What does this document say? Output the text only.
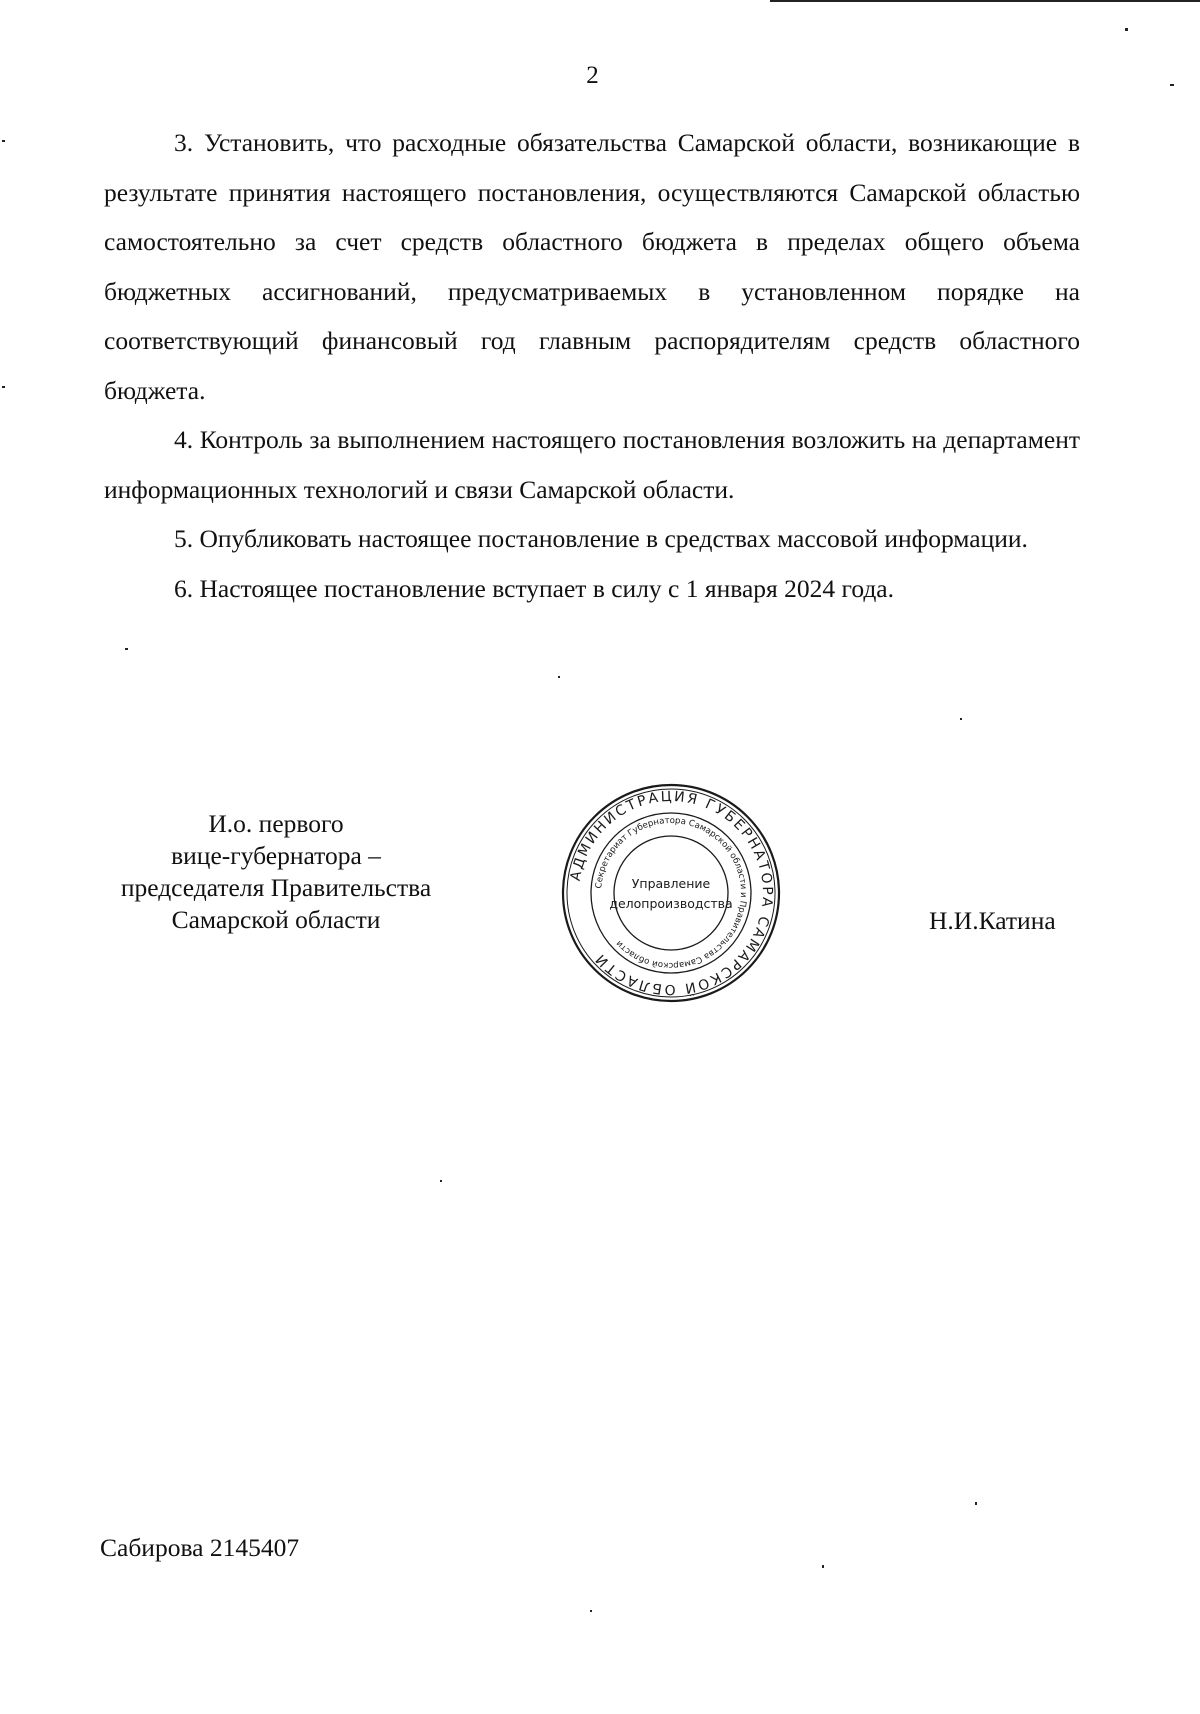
2

3. Установить, что расходные обязательства Самарской области, возникающие в результате принятия настоящего постановления, осуществляются Самарской областью самостоятельно за счет средств областного бюджета в пределах общего объема бюджетных ассигнований, предусматриваемых в установленном порядке на соответствующий финансовый год главным распорядителям средств областного бюджета.

4. Контроль за выполнением настоящего постановления возложить на департамент информационных технологий и связи Самарской области.

5. Опубликовать настоящее постановление в средствах массовой информации.

6. Настоящее постановление вступает в силу с 1 января 2024 года.

И.о. первого
вице-губернатора –
председателя Правительства
Самарской области
АДМИНИСТРАЦИЯ ГУБЕРНАТОРА САМАРСКОЙ ОБЛАСТИ
Секретариат Губернатора Самарской области и Правительства Самарской области
Управление
делопроизводства
Н.И.Катина
Сабирова 2145407
